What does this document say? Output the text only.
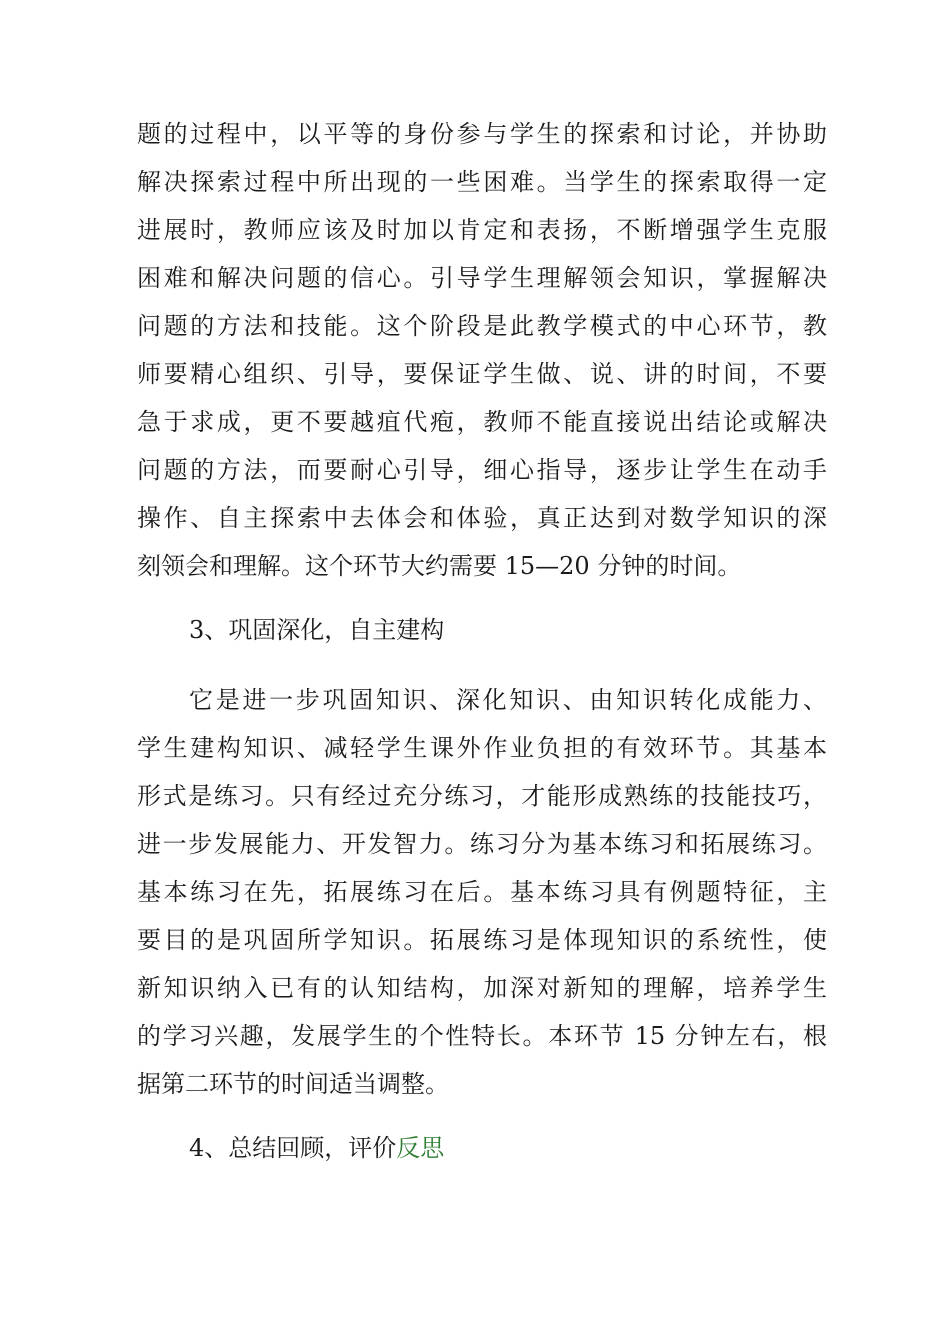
题的过程中，以平等的身份参与学生的探索和讨论，并协助

解决探索过程中所出现的一些困难。当学生的探索取得一定

进展时，教师应该及时加以肯定和表扬，不断增强学生克服

困难和解决问题的信心。引导学生理解领会知识，掌握解决

问题的方法和技能。这个阶段是此教学模式的中心环节，教

师要精心组织、引导，要保证学生做、说、讲的时间，不要

急于求成，更不要越疽代疱，教师不能直接说出结论或解决

问题的方法，而要耐心引导，细心指导，逐步让学生在动手

操作、自主探索中去体会和体验，真正达到对数学知识的深

刻领会和理解。这个环节大约需要 15—20 分钟的时间。

3、巩固深化，自主建构

它是进一步巩固知识、深化知识、由知识转化成能力、

学生建构知识、减轻学生课外作业负担的有效环节。其基本

形式是练习。只有经过充分练习，才能形成熟练的技能技巧，

进一步发展能力、开发智力。练习分为基本练习和拓展练习。

基本练习在先，拓展练习在后。基本练习具有例题特征，主

要目的是巩固所学知识。拓展练习是体现知识的系统性，使

新知识纳入已有的认知结构，加深对新知的理解，培养学生

的学习兴趣，发展学生的个性特长。本环节 15 分钟左右，根

据第二环节的时间适当调整。

4、总结回顾，评价反思
